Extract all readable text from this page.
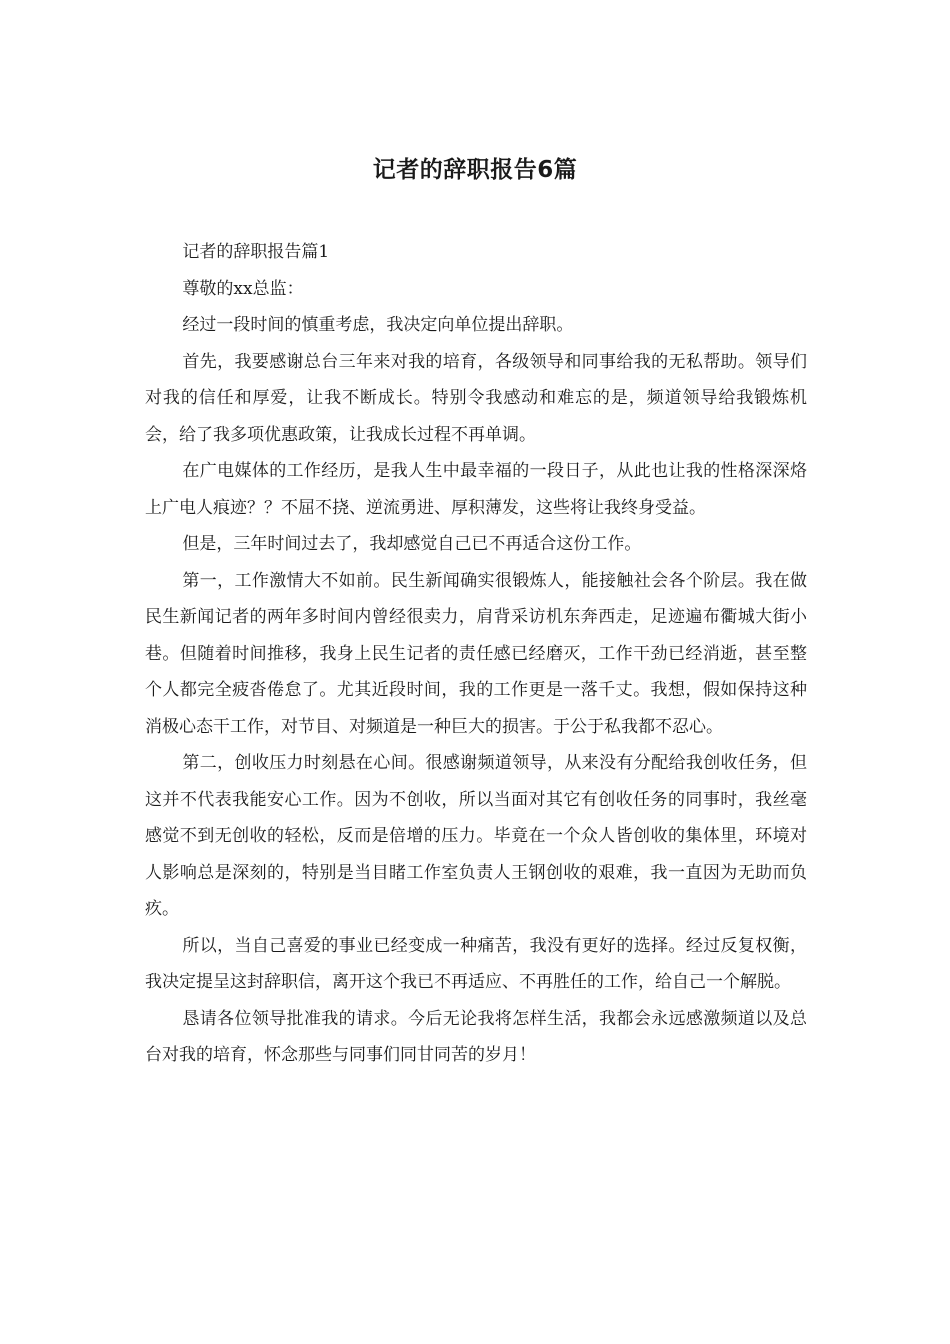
记者的辞职报告6篇

记者的辞职报告篇1

尊敬的xx总监：

经过一段时间的慎重考虑，我决定向单位提出辞职。

首先，我要感谢总台三年来对我的培育，各级领导和同事给我的无私帮助。领导们对我的信任和厚爱，让我不断成长。特别令我感动和难忘的是，频道领导给我锻炼机会，给了我多项优惠政策，让我成长过程不再单调。

在广电媒体的工作经历，是我人生中最幸福的一段日子，从此也让我的性格深深烙上广电人痕迹？？不屈不挠、逆流勇进、厚积薄发，这些将让我终身受益。

但是，三年时间过去了，我却感觉自己已不再适合这份工作。

第一，工作激情大不如前。民生新闻确实很锻炼人，能接触社会各个阶层。我在做民生新闻记者的两年多时间内曾经很卖力，肩背采访机东奔西走，足迹遍布衢城大街小巷。但随着时间推移，我身上民生记者的责任感已经磨灭，工作干劲已经消逝，甚至整个人都完全疲沓倦怠了。尤其近段时间，我的工作更是一落千丈。我想，假如保持这种消极心态干工作，对节目、对频道是一种巨大的损害。于公于私我都不忍心。

第二，创收压力时刻悬在心间。很感谢频道领导，从来没有分配给我创收任务，但这并不代表我能安心工作。因为不创收，所以当面对其它有创收任务的同事时，我丝毫感觉不到无创收的轻松，反而是倍增的压力。毕竟在一个众人皆创收的集体里，环境对人影响总是深刻的，特别是当目睹工作室负责人王钢创收的艰难，我一直因为无助而负疚。

所以，当自己喜爱的事业已经变成一种痛苦，我没有更好的选择。经过反复权衡，我决定提呈这封辞职信，离开这个我已不再适应、不再胜任的工作，给自己一个解脱。

恳请各位领导批准我的请求。今后无论我将怎样生活，我都会永远感激频道以及总台对我的培育，怀念那些与同事们同甘同苦的岁月！
